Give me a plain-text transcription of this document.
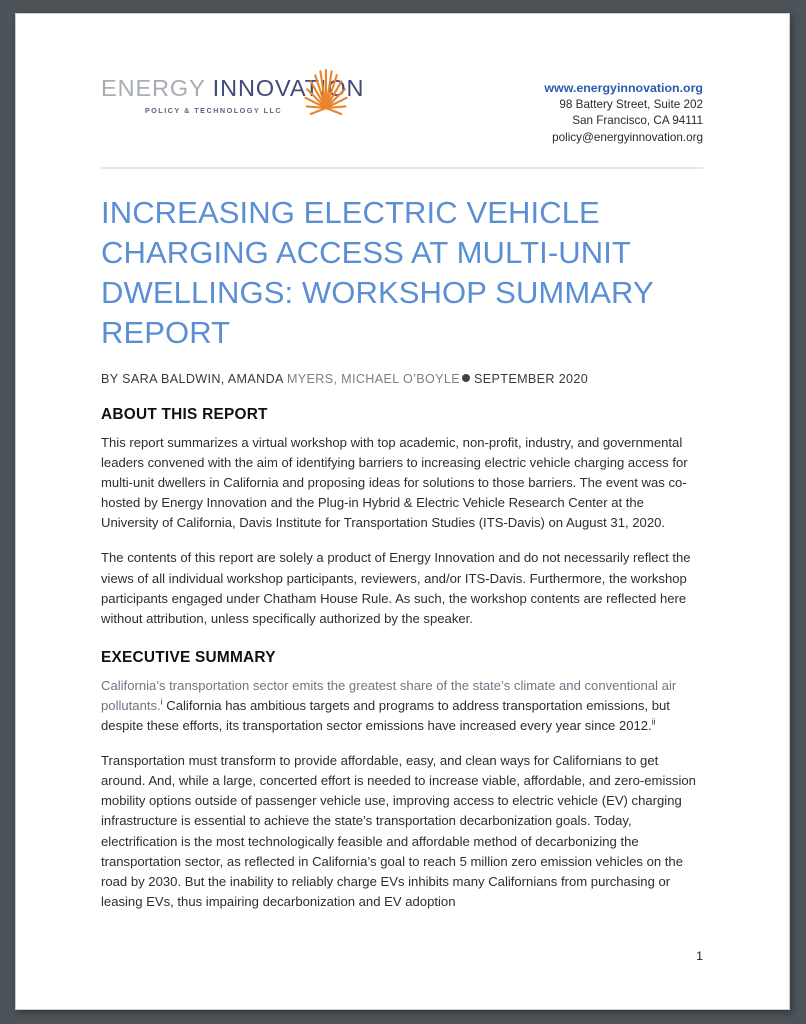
ENERGY INNOVATION
POLICY & TECHNOLOGY LLC
www.energyinnovation.org
98 Battery Street, Suite 202
San Francisco, CA 94111
policy@energyinnovation.org
INCREASING ELECTRIC VEHICLE CHARGING ACCESS AT MULTI-UNIT DWELLINGS: WORKSHOP SUMMARY REPORT
BY SARA BALDWIN, AMANDA MYERS, MICHAEL O’BOYLE SEPTEMBER 2020
ABOUT THIS REPORT

This report summarizes a virtual workshop with top academic, non-profit, industry, and governmental leaders convened with the aim of identifying barriers to increasing electric vehicle charging access for multi-unit dwellers in California and proposing ideas for solutions to those barriers. The event was co-hosted by Energy Innovation and the Plug-in Hybrid & Electric Vehicle Research Center at the University of California, Davis Institute for Transportation Studies (ITS-Davis) on August 31, 2020.

The contents of this report are solely a product of Energy Innovation and do not necessarily reflect the views of all individual workshop participants, reviewers, and/or ITS-Davis. Furthermore, the workshop participants engaged under Chatham House Rule. As such, the workshop contents are reflected here without attribution, unless specifically authorized by the speaker.

EXECUTIVE SUMMARY

California’s transportation sector emits the greatest share of the state’s climate and conventional air pollutants.$^i$ California has ambitious targets and programs to address transportation emissions, but despite these efforts, its transportation sector emissions have increased every year since 2012.$^{ii}$

Transportation must transform to provide affordable, easy, and clean ways for Californians to get around. And, while a large, concerted effort is needed to increase viable, affordable, and zero-emission mobility options outside of passenger vehicle use, improving access to electric vehicle (EV) charging infrastructure is essential to achieve the state’s transportation decarbonization goals. Today, electrification is the most technologically feasible and affordable method of decarbonizing the transportation sector, as reflected in California’s goal to reach 5 million zero emission vehicles on the road by 2030. But the inability to reliably charge EVs inhibits many Californians from purchasing or leasing EVs, thus impairing decarbonization and EV adoption

1
